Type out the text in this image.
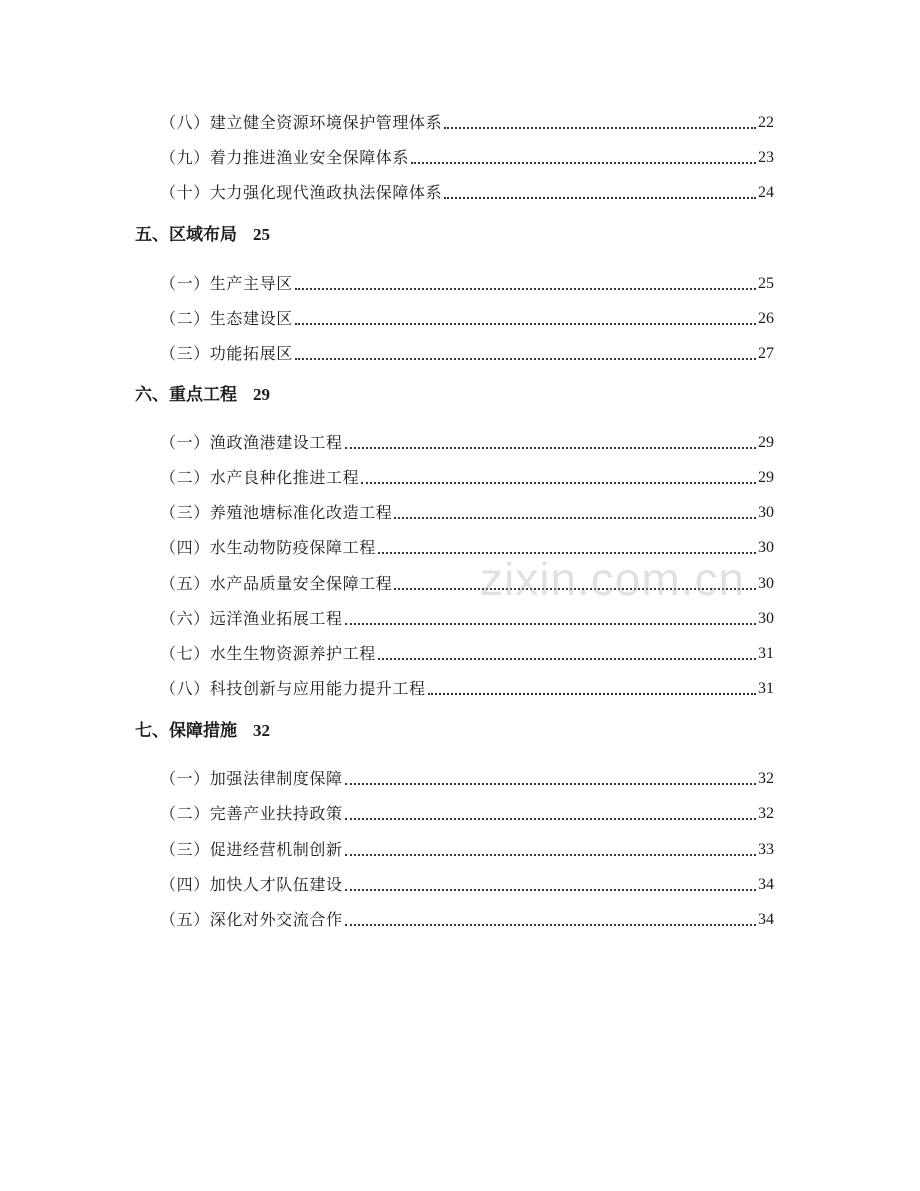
（八）建立健全资源环境保护管理体系	22
（九）着力推进渔业安全保障体系	23
（十）大力强化现代渔政执法保障体系	24
五、区域布局 25
（一）生产主导区	25
（二）生态建设区	26
（三）功能拓展区	27
六、重点工程 29
（一）渔政渔港建设工程	29
（二）水产良种化推进工程	29
（三）养殖池塘标准化改造工程	30
（四）水生动物防疫保障工程	30
（五）水产品质量安全保障工程	30
（六）远洋渔业拓展工程	30
（七）水生生物资源养护工程	31
（八）科技创新与应用能力提升工程	31
七、保障措施 32
（一）加强法律制度保障	32
（二）完善产业扶持政策	32
（三）促进经营机制创新	33
（四）加快人才队伍建设	34
（五）深化对外交流合作	34
zixin.com.cn
